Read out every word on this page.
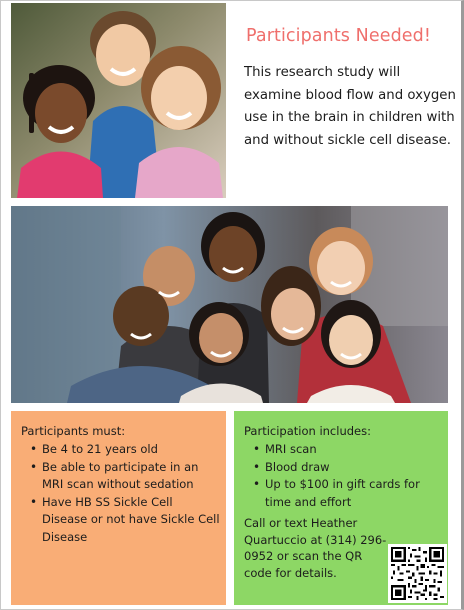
Participants Needed!
This research study will examine blood flow and oxygen use in the brain in children with and without sickle cell disease.
Participants must:
• Be 4 to 21 years old
• Be able to participate in an MRI scan without sedation
• Have HB SS Sickle Cell Disease or not have Sickle Cell Disease
Participation includes:
• MRI scan
• Blood draw
• Up to $100 in gift cards for time and effort
Call or text Heather Quartuccio at (314) 296-0952 or scan the QR code for details.
